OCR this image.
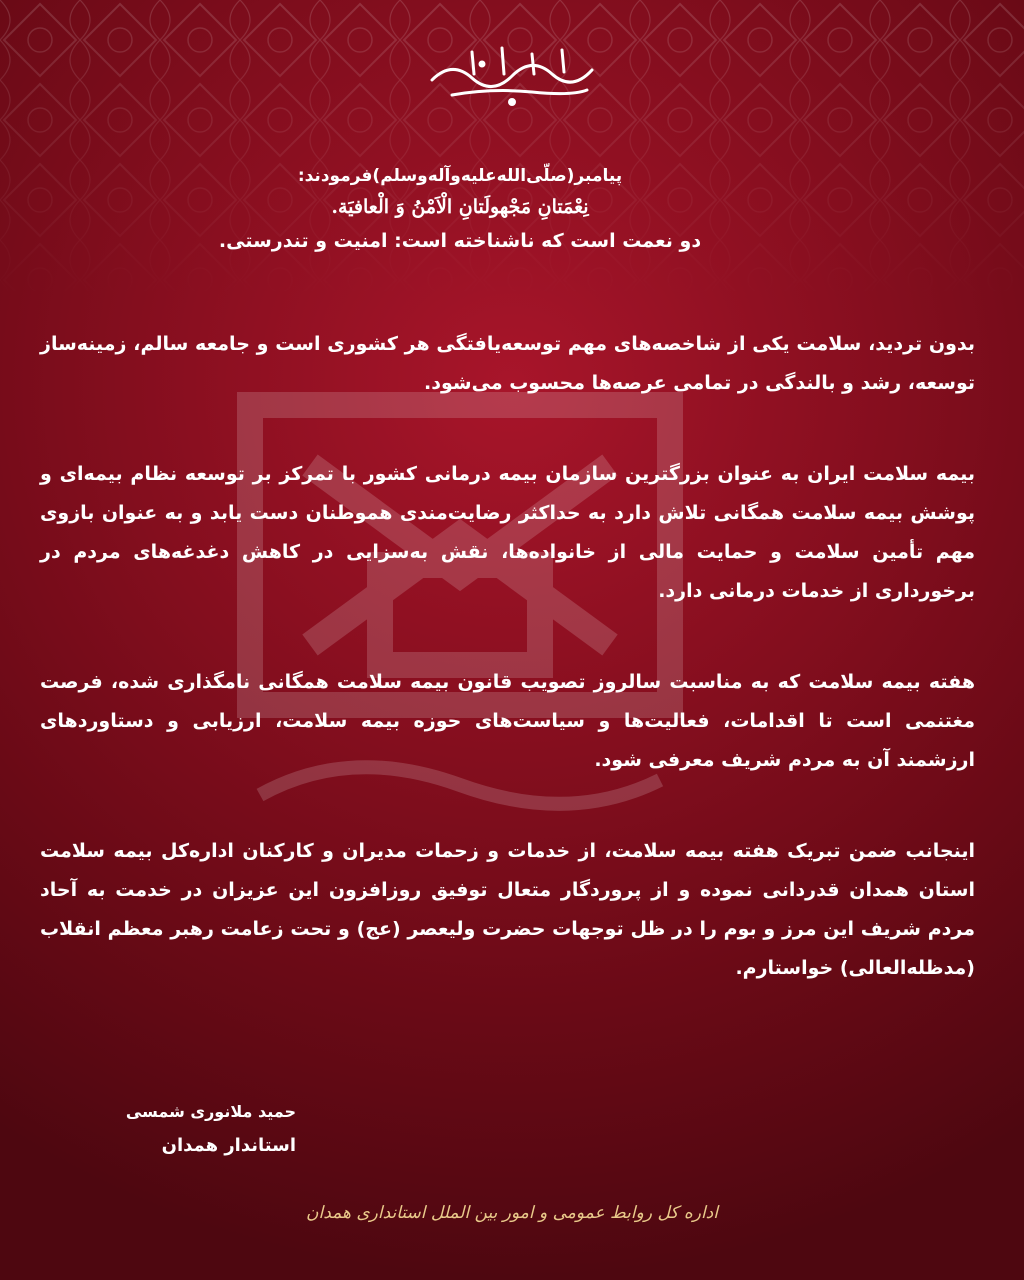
پیامبر(صلّی‌الله‌علیه‌وآله‌وسلم)فرمودند:
نِعْمَتانِ مَجْهولَتانِ الْاَمْنُ وَ الْعافيَة.
دو نعمت است که ناشناخته است: امنیت و تندرستی.

بدون تردید، سلامت یکی از شاخصه‌های مهم توسعه‌یافتگی هر کشوری است و جامعه سالم، زمینه‌ساز توسعه، رشد و بالندگی در تمامی عرصه‌ها محسوب می‌شود.

بیمه سلامت ایران به عنوان بزرگترین سازمان بیمه درمانی کشور با تمرکز بر توسعه نظام بیمه‌ای و پوشش بیمه سلامت همگانی تلاش دارد به حداکثر رضایت‌مندی هموطنان دست یابد و به عنوان بازوی مهم تأمین سلامت و حمایت مالی از خانواده‌ها، نقش به‌سزایی در کاهش دغدغه‌های مردم در برخورداری از خدمات درمانی دارد.

هفته بیمه سلامت که به مناسبت سالروز تصویب قانون بیمه سلامت همگانی نامگذاری شده، فرصت مغتنمی است تا اقدامات، فعالیت‌ها و سیاست‌های حوزه بیمه سلامت، ارزیابی و دستاوردهای ارزشمند آن به مردم شریف معرفی شود.

اینجانب ضمن تبریک هفته بیمه سلامت، از خدمات و زحمات مدیران و کارکنان اداره‌کل بیمه سلامت استان همدان قدردانی نموده و از پروردگار متعال توفیق روزافزون این عزیزان در خدمت به آحاد مردم شریف این مرز و بوم را در ظل توجهات حضرت ولیعصر (عج) و تحت زعامت رهبر معظم انقلاب (مدظله‌العالی) خواستارم.

حمید ملانوری شمسی
استاندار همدان
اداره کل روابط عمومی و امور بین الملل استانداری همدان
